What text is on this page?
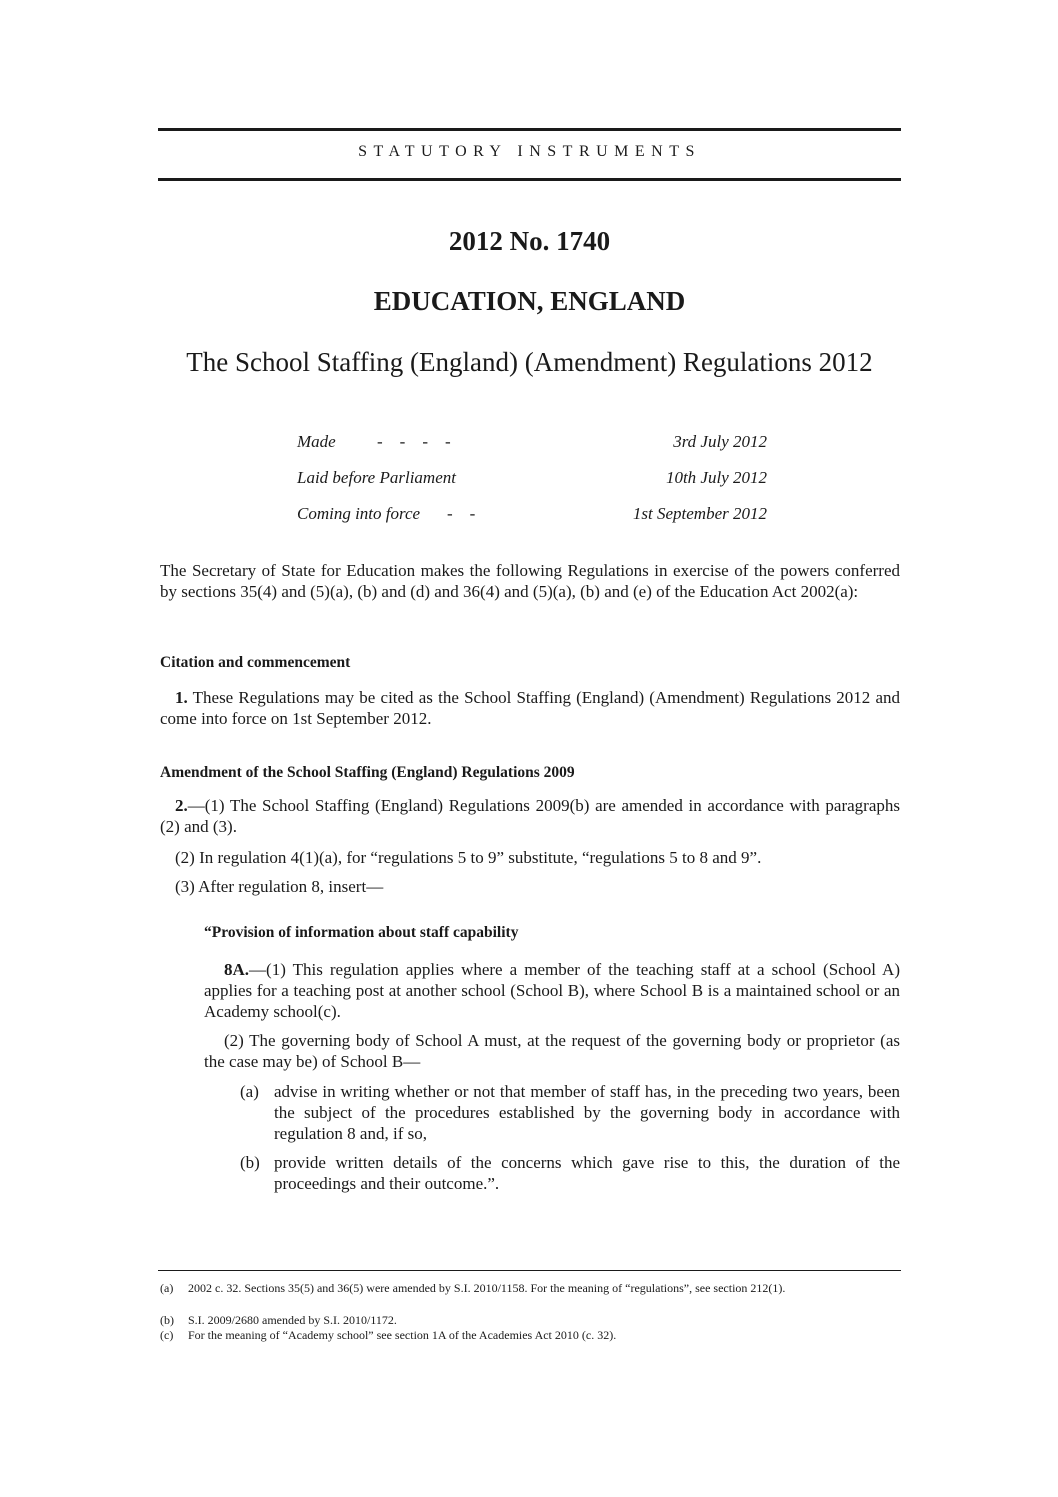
STATUTORY INSTRUMENTS
2012 No. 1740
EDUCATION, ENGLAND
The School Staffing (England) (Amendment) Regulations 2012
Made -    -    -    -	3rd July 2012
Laid before Parliament	10th July 2012
Coming into force -    -	1st September 2012
The Secretary of State for Education makes the following Regulations in exercise of the powers conferred by sections 35(4) and (5)(a), (b) and (d) and 36(4) and (5)(a), (b) and (e) of the Education Act 2002(a):
Citation and commencement
1. These Regulations may be cited as the School Staffing (England) (Amendment) Regulations 2012 and come into force on 1st September 2012.
Amendment of the School Staffing (England) Regulations 2009
2.—(1) The School Staffing (England) Regulations 2009(b) are amended in accordance with paragraphs (2) and (3).
(2) In regulation 4(1)(a), for “regulations 5 to 9” substitute, “regulations 5 to 8 and 9”.
(3) After regulation 8, insert—
“Provision of information about staff capability
8A.—(1) This regulation applies where a member of the teaching staff at a school (School A) applies for a teaching post at another school (School B), where School B is a maintained school or an Academy school(c).
(2) The governing body of School A must, at the request of the governing body or proprietor (as the case may be) of School B—
(a) advise in writing whether or not that member of staff has, in the preceding two years, been the subject of the procedures established by the governing body in accordance with regulation 8 and, if so,
(b) provide written details of the concerns which gave rise to this, the duration of the proceedings and their outcome.”.
(a) 2002 c. 32. Sections 35(5) and 36(5) were amended by S.I. 2010/1158. For the meaning of “regulations”, see section 212(1).
(b) S.I. 2009/2680 amended by S.I. 2010/1172.
(c) For the meaning of “Academy school” see section 1A of the Academies Act 2010 (c. 32).
